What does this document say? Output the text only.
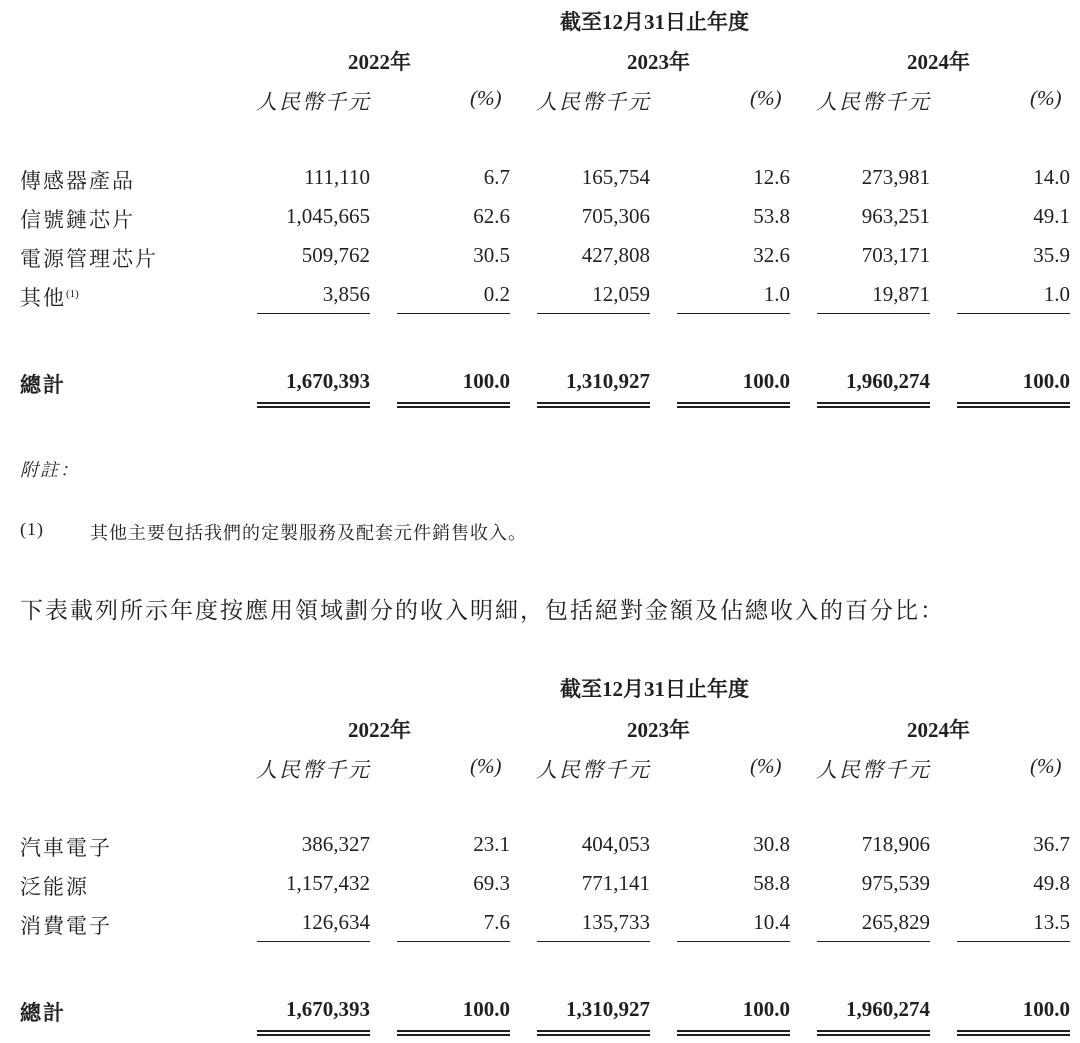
截至12月31日止年度
2022年	2023年	2024年
人民幣千元	(%) 人民幣千元	(%) 人民幣千元	(%)
傳感器產品	111,110	6.7	165,754	12.6	273,981	14.0
信號鏈芯片	1,045,665	62.6	705,306	53.8	963,251	49.1
電源管理芯片	509,762	30.5	427,808	32.6	703,171	35.9
其他$^{(1)}$	3,856	0.2	12,059	1.0	19,871	1.0
總計	1,670,393	100.0	1,310,927	100.0	1,960,274	100.0
附註：
(1)	其他主要包括我們的定製服務及配套元件銷售收入。
下表載列所示年度按應用領域劃分的收入明細，包括絕對金額及佔總收入的百分比：
截至12月31日止年度
2022年	2023年	2024年
人民幣千元	(%) 人民幣千元	(%) 人民幣千元	(%)
汽車電子	386,327	23.1	404,053	30.8	718,906	36.7
泛能源	1,157,432	69.3	771,141	58.8	975,539	49.8
消費電子	126,634	7.6	135,733	10.4	265,829	13.5
總計	1,670,393	100.0	1,310,927	100.0	1,960,274	100.0
